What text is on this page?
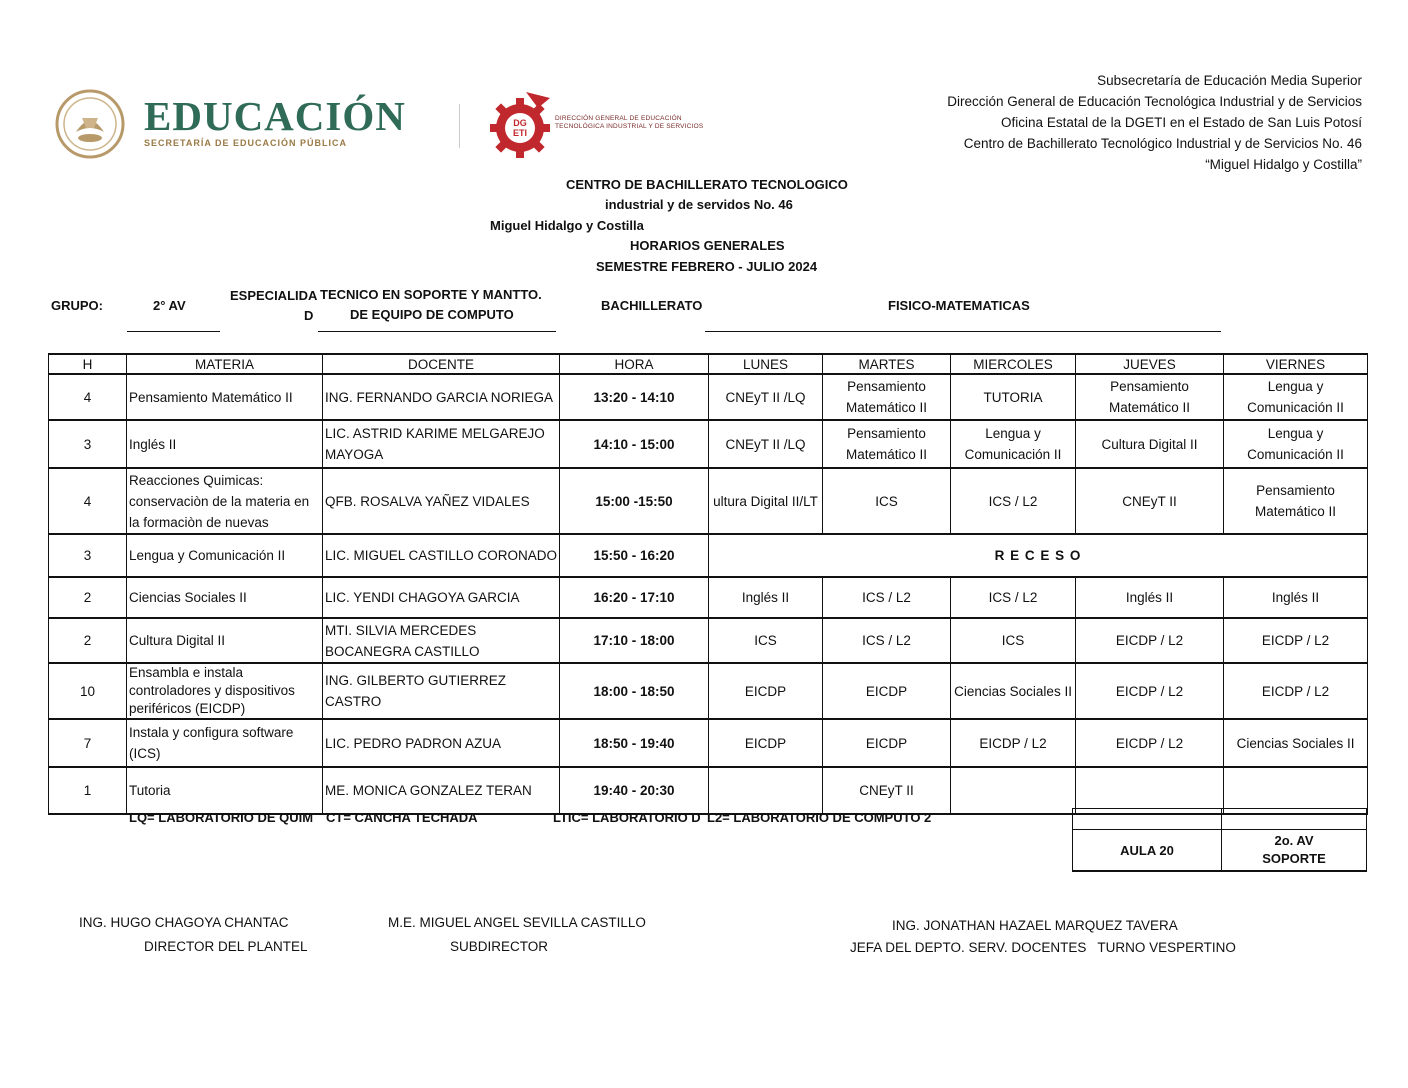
EDUCACIÓN
SECRETARÍA DE EDUCACIÓN PÚBLICA
DG
ETI
DIRECCIÓN GENERAL DE EDUCACIÓN
TECNOLÓGICA INDUSTRIAL Y DE SERVICIOS
Subsecretaría de Educación Media Superior
Dirección General de Educación Tecnológica Industrial y de Servicios
Oficina Estatal de la DGETI en el Estado de San Luis Potosí
Centro de Bachillerato Tecnológico Industrial y de Servicios No. 46
“Miguel Hidalgo y Costilla”
CENTRO DE BACHILLERATO TECNOLOGICO
industrial y de servidos No. 46
Miguel Hidalgo y Costilla
HORARIOS GENERALES
SEMESTRE FEBRERO - JULIO 2024
GRUPO:	2° AV
ESPECIALIDA
D
TECNICO EN SOPORTE Y MANTTO.
DE EQUIPO DE COMPUTO
BACHILLERATO	FISICO-MATEMATICAS
H	MATERIA	DOCENTE	HORA	LUNES	MARTES	MIERCOLES	JUEVES	VIERNES
4	Pensamiento Matemático II	ING. FERNANDO GARCIA NORIEGA	13:20 - 14:10	CNEyT II /LQ	Pensamiento Matemático II	TUTORIA	Pensamiento Matemático II	Lengua y Comunicación II
3	Inglés II	LIC. ASTRID KARIME MELGAREJO MAYOGA	14:10 - 15:00	CNEyT II /LQ	Pensamiento Matemático II	Lengua y Comunicación II	Cultura Digital II	Lengua y Comunicación II
4	Reacciones Quimicas: conservaciòn de la materia en la formaciòn de nuevas	QFB. ROSALVA YAÑEZ VIDALES	15:00 -15:50	ultura Digital II/LT	ICS	ICS / L2	CNEyT II	Pensamiento Matemático II
3	Lengua y Comunicación II	LIC. MIGUEL CASTILLO CORONADO	15:50 - 16:20	R E C E S O				
2	Ciencias Sociales II	LIC. YENDI CHAGOYA GARCIA	16:20 - 17:10	Inglés II	ICS / L2	ICS / L2	Inglés II	Inglés II
2	Cultura Digital II	MTI. SILVIA MERCEDES BOCANEGRA CASTILLO	17:10 - 18:00	ICS	ICS / L2	ICS	EICDP / L2	EICDP / L2
10	Ensambla e instala controladores y dispositivos periféricos (EICDP)	ING. GILBERTO GUTIERREZ CASTRO	18:00 - 18:50	EICDP	EICDP	Ciencias Sociales II	EICDP / L2	EICDP / L2
7	Instala y configura software (ICS)	LIC. PEDRO PADRON AZUA	18:50 - 19:40	EICDP	EICDP	EICDP / L2	EICDP / L2	Ciencias Sociales II
1	Tutoria	ME. MONICA GONZALEZ TERAN	19:40 - 20:30		CNEyT II			
LQ= LABORATORIO DE QUIM CT= CANCHA TECHADA	LTIC= LABORATORIO D L2= LABORATORIO DE COMPUTO 2

AULA 20	2o. AV
SOPORTE
ING. HUGO CHAGOYA CHANTAC
DIRECTOR DEL PLANTEL
M.E. MIGUEL ANGEL SEVILLA CASTILLO
SUBDIRECTOR
ING. JONATHAN HAZAEL MARQUEZ TAVERA
JEFA DEL DEPTO. SERV. DOCENTES   TURNO VESPERTINO
